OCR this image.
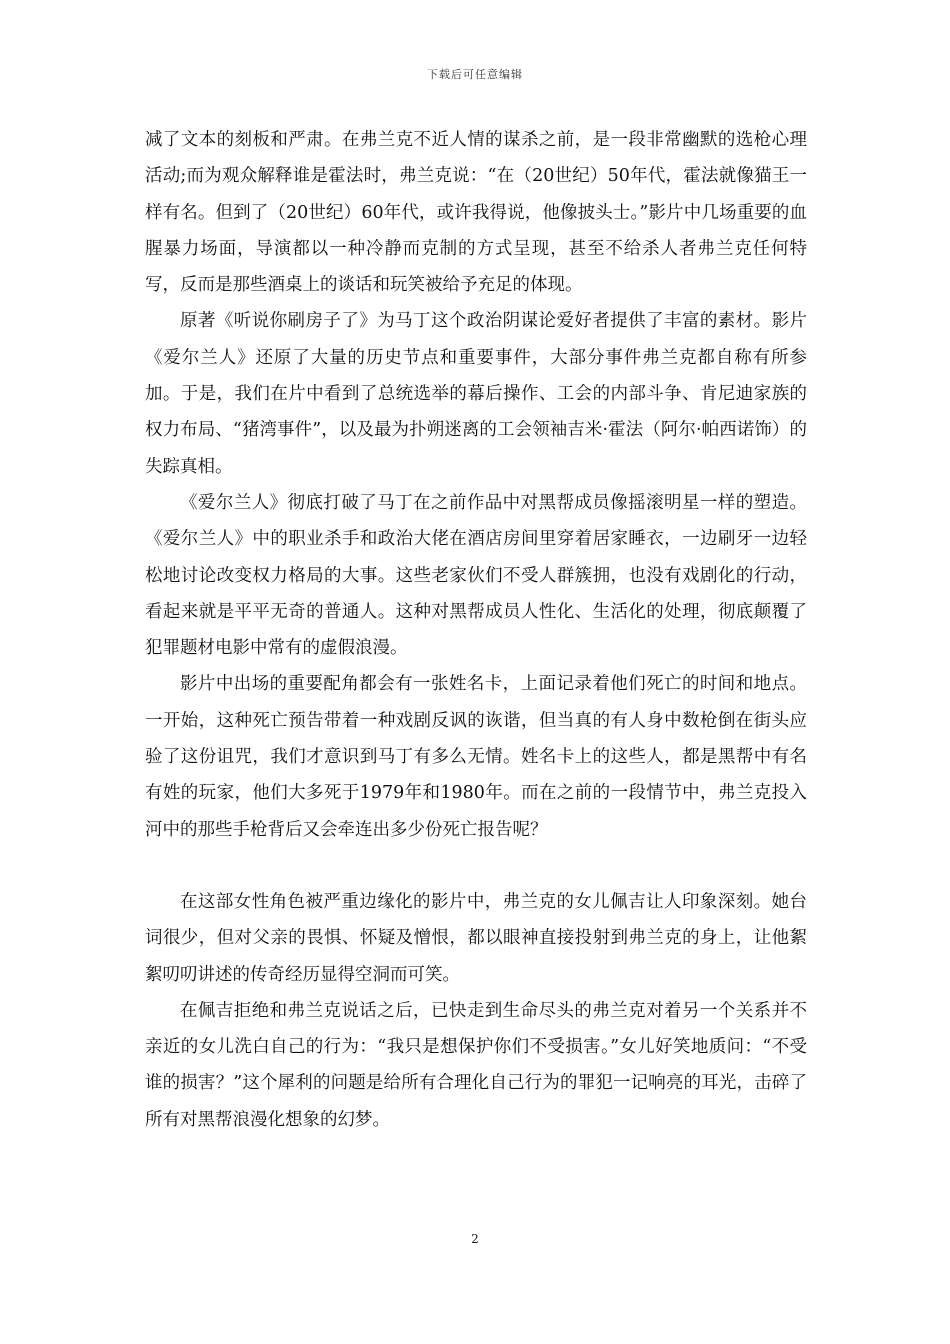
下载后可任意编辑

减了文本的刻板和严肃。在弗兰克不近人情的谋杀之前，是一段非常幽默的选枪心理活动;而为观众解释谁是霍法时，弗兰克说：“在（20世纪）50年代，霍法就像猫王一样有名。但到了（20世纪）60年代，或许我得说，他像披头士。”影片中几场重要的血腥暴力场面，导演都以一种冷静而克制的方式呈现，甚至不给杀人者弗兰克任何特写，反而是那些酒桌上的谈话和玩笑被给予充足的体现。

原著《听说你刷房子了》为马丁这个政治阴谋论爱好者提供了丰富的素材。影片《爱尔兰人》还原了大量的历史节点和重要事件，大部分事件弗兰克都自称有所参加。于是，我们在片中看到了总统选举的幕后操作、工会的内部斗争、肯尼迪家族的权力布局、“猪湾事件”，以及最为扑朔迷离的工会领袖吉米·霍法（阿尔·帕西诺饰）的失踪真相。

《爱尔兰人》彻底打破了马丁在之前作品中对黑帮成员像摇滚明星一样的塑造。《爱尔兰人》中的职业杀手和政治大佬在酒店房间里穿着居家睡衣，一边刷牙一边轻松地讨论改变权力格局的大事。这些老家伙们不受人群簇拥，也没有戏剧化的行动，看起来就是平平无奇的普通人。这种对黑帮成员人性化、生活化的处理，彻底颠覆了犯罪题材电影中常有的虚假浪漫。

影片中出场的重要配角都会有一张姓名卡，上面记录着他们死亡的时间和地点。一开始，这种死亡预告带着一种戏剧反讽的诙谐，但当真的有人身中数枪倒在街头应验了这份诅咒，我们才意识到马丁有多么无情。姓名卡上的这些人，都是黑帮中有名有姓的玩家，他们大多死于1979年和1980年。而在之前的一段情节中，弗兰克投入河中的那些手枪背后又会牵连出多少份死亡报告呢？

在这部女性角色被严重边缘化的影片中，弗兰克的女儿佩吉让人印象深刻。她台词很少，但对父亲的畏惧、怀疑及憎恨，都以眼神直接投射到弗兰克的身上，让他絮絮叨叨讲述的传奇经历显得空洞而可笑。

在佩吉拒绝和弗兰克说话之后，已快走到生命尽头的弗兰克对着另一个关系并不亲近的女儿洗白自己的行为：“我只是想保护你们不受损害。”女儿好笑地质问：“不受谁的损害？”这个犀利的问题是给所有合理化自己行为的罪犯一记响亮的耳光，击碎了所有对黑帮浪漫化想象的幻梦。

2
